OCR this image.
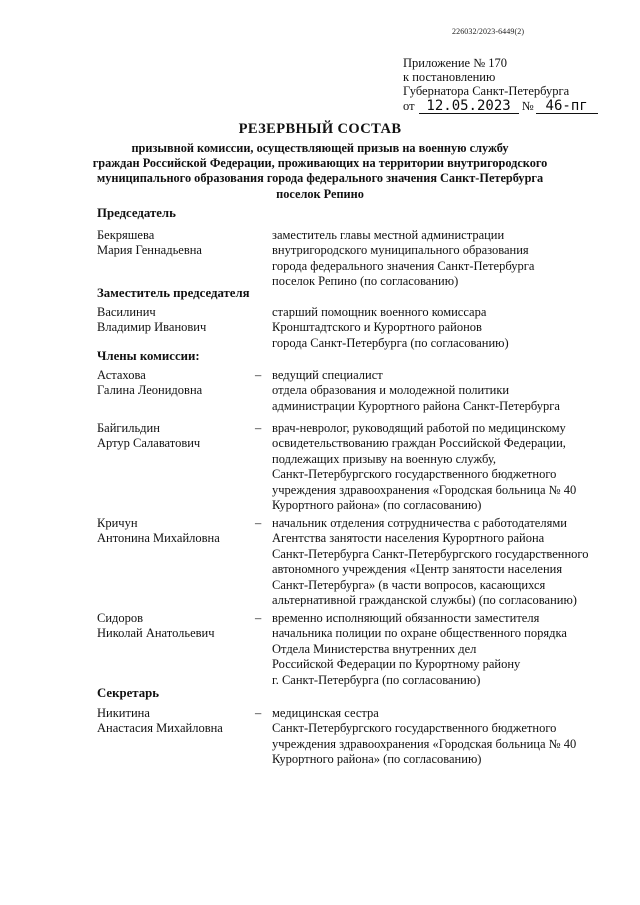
226032/2023-6449(2)
Приложение № 170
к постановлению
Губернатора Санкт-Петербурга
от 12.05.2023 № 46-пг
РЕЗЕРВНЫЙ СОСТАВ
призывной комиссии, осуществляющей призыв на военную службу
граждан Российской Федерации, проживающих на территории внутригородского
муниципального образования города федерального значения Санкт-Петербурга
поселок Репино
Председатель
Бекряшева
Мария Геннадьевна
заместитель главы местной администрации
внутригородского муниципального образования
города федерального значения Санкт-Петербурга
поселок Репино (по согласованию)
Заместитель председателя
Василинич
Владимир Иванович
старший помощник военного комиссара
Кронштадтского и Курортного районов
города Санкт-Петербурга (по согласованию)
Члены комиссии:
Астахова
Галина Леонидовна
– ведущий специалист
отдела образования и молодежной политики
администрации Курортного района Санкт-Петербурга
Байгильдин
Артур Салаватович
– врач-невролог, руководящий работой по медицинскому
освидетельствованию граждан Российской Федерации,
подлежащих призыву на военную службу,
Санкт-Петербургского государственного бюджетного
учреждения здравоохранения «Городская больница № 40
Курортного района» (по согласованию)
Кричун
Антонина Михайловна
– начальник отделения сотрудничества с работодателями
Агентства занятости населения Курортного района
Санкт-Петербурга Санкт-Петербургского государственного
автономного учреждения «Центр занятости населения
Санкт-Петербурга» (в части вопросов, касающихся
альтернативной гражданской службы) (по согласованию)
Сидоров
Николай Анатольевич
– временно исполняющий обязанности заместителя
начальника полиции по охране общественного порядка
Отдела Министерства внутренних дел
Российской Федерации по Курортному району
г. Санкт-Петербурга (по согласованию)
Секретарь
Никитина
Анастасия Михайловна
– медицинская сестра
Санкт-Петербургского государственного бюджетного
учреждения здравоохранения «Городская больница № 40
Курортного района» (по согласованию)
